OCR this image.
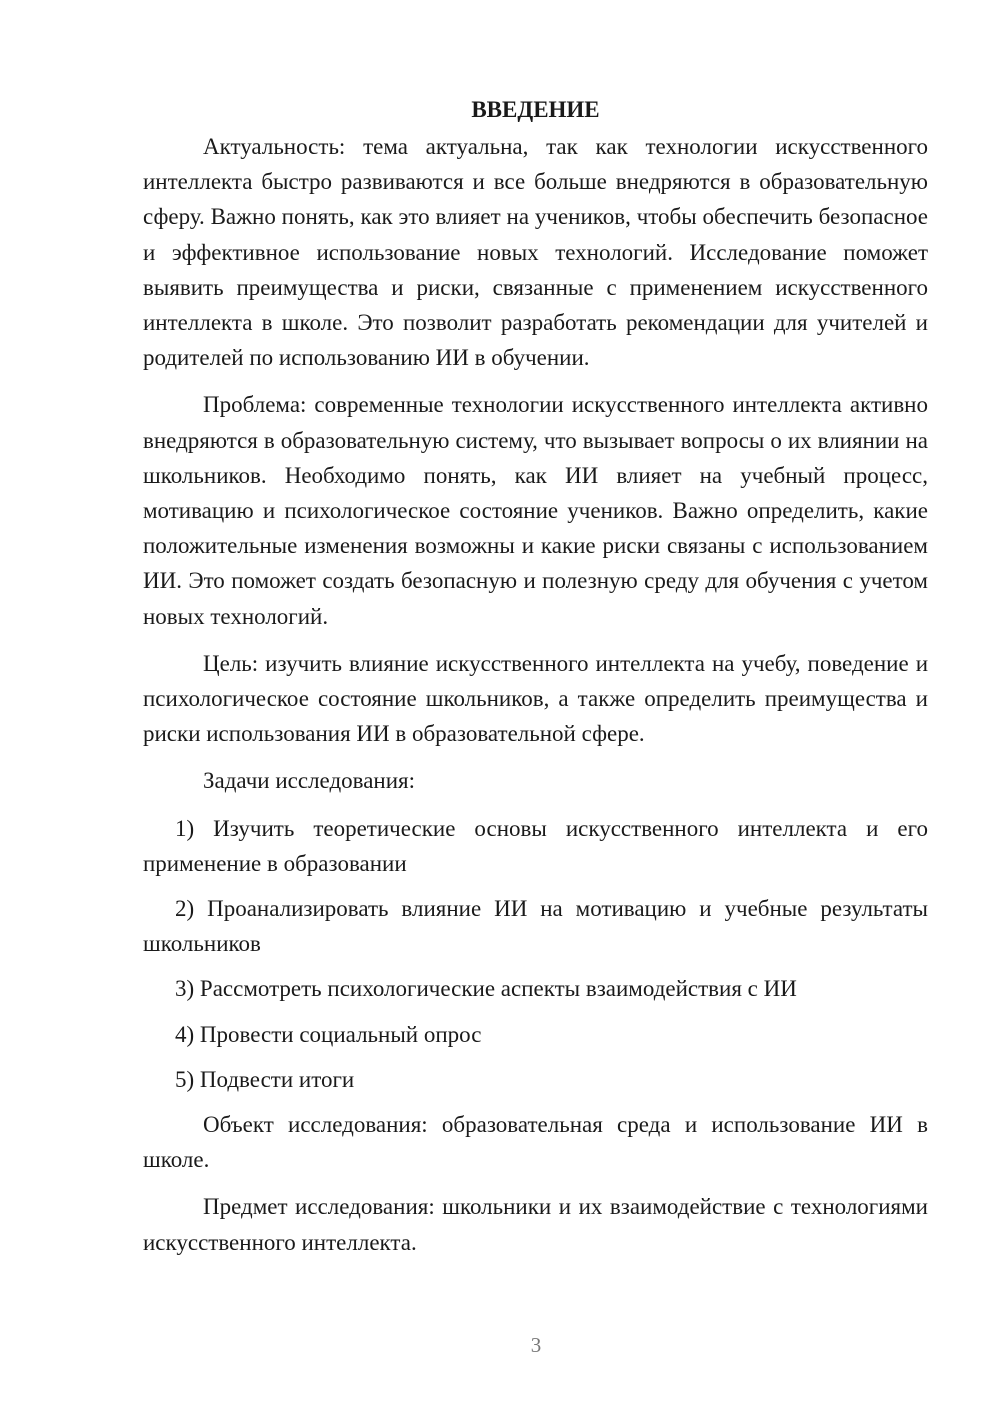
ВВЕДЕНИЕ

Актуальность: тема актуальна, так как технологии искусственного интеллекта быстро развиваются и все больше внедряются в образовательную сферу. Важно понять, как это влияет на учеников, чтобы обеспечить безопасное и эффективное использование новых технологий. Исследование поможет выявить преимущества и риски, связанные с применением искусственного интеллекта в школе. Это позволит разработать рекомендации для учителей и родителей по использованию ИИ в обучении.

Проблема: современные технологии искусственного интеллекта активно внедряются в образовательную систему, что вызывает вопросы о их влиянии на школьников. Необходимо понять, как ИИ влияет на учебный процесс, мотивацию и психологическое состояние учеников. Важно определить, какие положительные изменения возможны и какие риски связаны с использованием ИИ. Это поможет создать безопасную и полезную среду для обучения с учетом новых технологий.

Цель: изучить влияние искусственного интеллекта на учебу, поведение и психологическое состояние школьников, а также определить преимущества и риски использования ИИ в образовательной сфере.

Задачи исследования:

1) Изучить теоретические основы искусственного интеллекта и его применение в образовании

2) Проанализировать влияние ИИ на мотивацию и учебные результаты школьников

3) Рассмотреть психологические аспекты взаимодействия с ИИ

4) Провести социальный опрос

5) Подвести итоги

Объект исследования: образовательная среда и использование ИИ в школе.

Предмет исследования: школьники и их взаимодействие с технологиями искусственного интеллекта.

3
